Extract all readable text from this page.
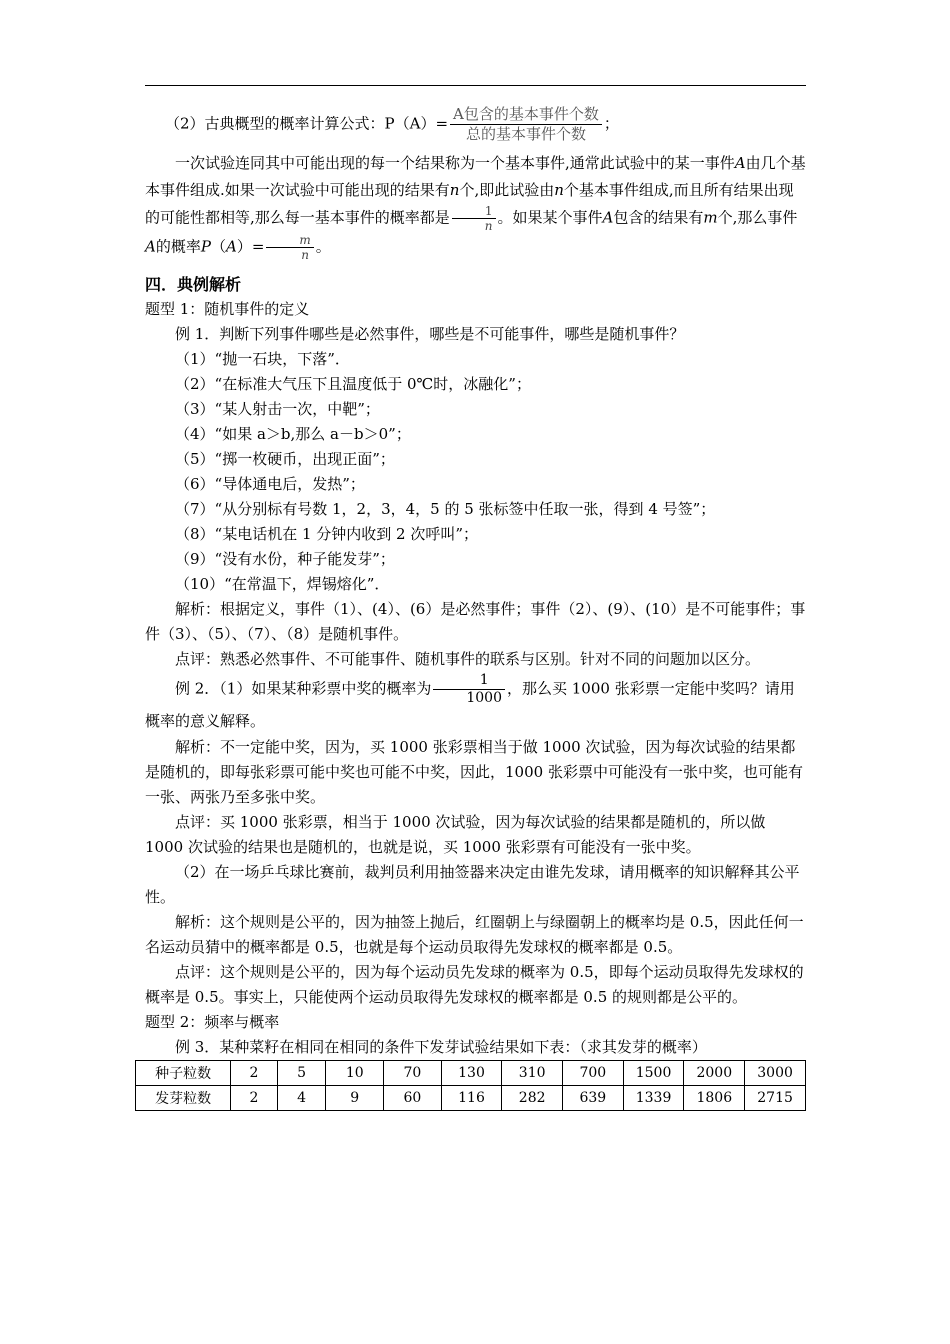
（2）古典概型的概率计算公式：$P(A)= \frac{\text{A包含的基本事件个数}}{\text{总的基本事件个数}}$ ；

一次试验连同其中可能出现的每一个结果称为一个基本事件,通常此试验中的某一事件A由几个基本事件组成.如果一次试验中可能出现的结果有n个,即此试验由n个基本事件组成,而且所有结果出现的可能性都相等,那么每一基本事件的概率都是 $\frac{1}{n}$ 。如果某个事件A包含的结果有m个,那么事件A的概率$P(A)= \frac{m}{n}$ 。

四．典例解析

题型 1：随机事件的定义

例 1．判断下列事件哪些是必然事件，哪些是不可能事件，哪些是随机事件？

（1）“抛一石块，下落”．

（2）“在标准大气压下且温度低于 0℃时，冰融化”；

（3）“某人射击一次，中靶”；

（4）“如果 a＞b,那么 a－b＞0”；

（5）“掷一枚硬币，出现正面”；

（6）“导体通电后，发热”；

（7）“从分别标有号数 1，2，3，4，5 的 5 张标签中任取一张，得到 4 号签”；

（8）“某电话机在 1 分钟内收到 2 次呼叫”；

（9）“没有水份，种子能发芽”；

（10）“在常温下，焊锡熔化”．

解析：根据定义，事件（1）、(4）、(6）是必然事件；事件（2）、(9）、(10）是不可能事件；事件（3）、（5）、（7）、（8）是随机事件。

点评：熟悉必然事件、不可能事件、随机事件的联系与区别。针对不同的问题加以区分。

例 2．（1）如果某种彩票中奖的概率为 $\frac{1}{1000}$ ，那么买 1000 张彩票一定能中奖吗？请用概率的意义解释。

解析：不一定能中奖，因为，买 1000 张彩票相当于做 1000 次试验，因为每次试验的结果都是随机的，即每张彩票可能中奖也可能不中奖，因此，1000 张彩票中可能没有一张中奖，也可能有一张、两张乃至多张中奖。

点评：买 1000 张彩票，相当于 1000 次试验，因为每次试验的结果都是随机的，所以做 1000 次试验的结果也是随机的，也就是说，买 1000 张彩票有可能没有一张中奖。

（2）在一场乒乓球比赛前，裁判员利用抽签器来决定由谁先发球，请用概率的知识解释其公平性。

解析：这个规则是公平的，因为抽签上抛后，红圈朝上与绿圈朝上的概率均是 0.5，因此任何一名运动员猜中的概率都是 0.5，也就是每个运动员取得先发球权的概率都是 0.5。

点评：这个规则是公平的，因为每个运动员先发球的概率为 0.5，即每个运动员取得先发球权的概率是 0.5。事实上，只能使两个运动员取得先发球权的概率都是 0.5 的规则都是公平的。

题型 2：频率与概率

例 3．某种菜籽在相同在相同的条件下发芽试验结果如下表：（求其发芽的概率）

种子粒数	2	5	10	70	130	310	700	1500	2000	3000
发芽粒数	2	4	9	60	116	282	639	1339	1806	2715
